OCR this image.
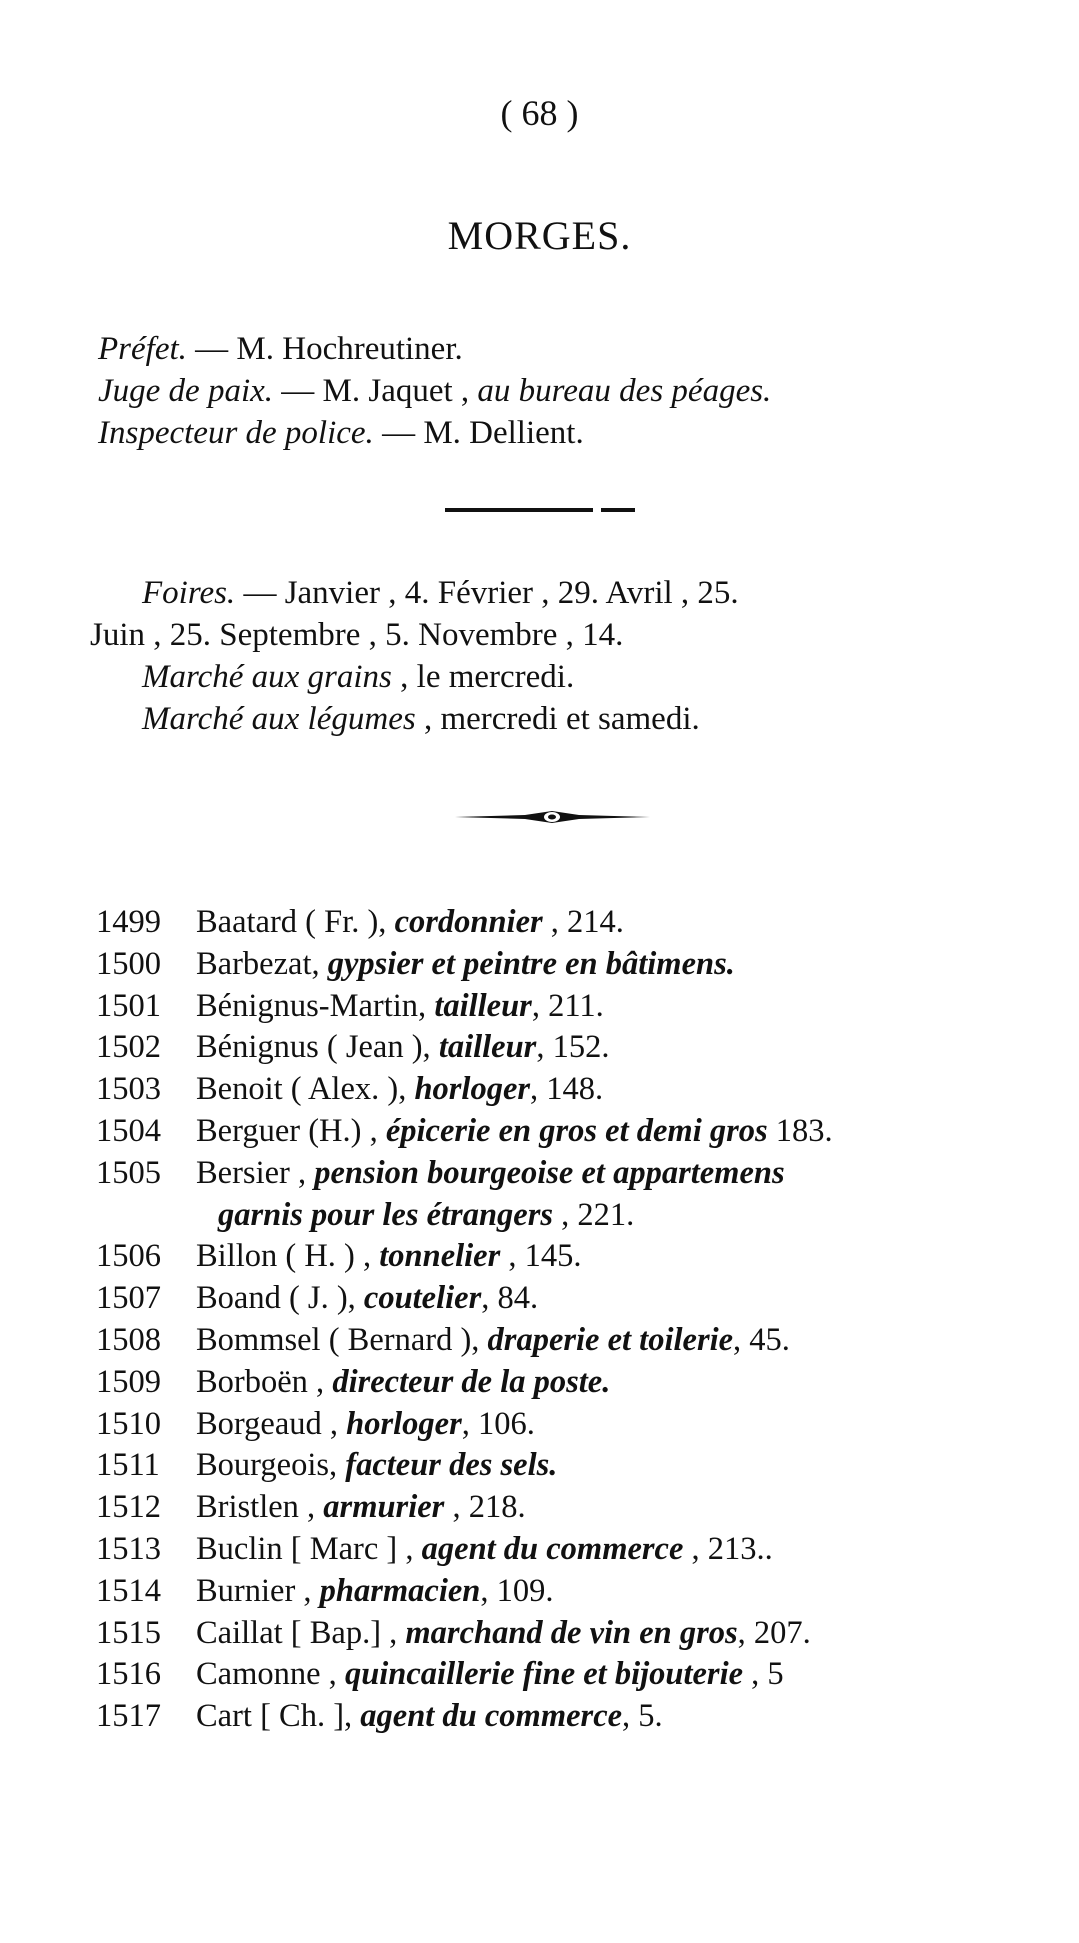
( 68 )
MORGES.
Préfet. — M. Hochreutiner.
Juge de paix. — M. Jaquet , au bureau des péages.
Inspecteur de police. — M. Dellient.
Foires. — Janvier , 4. Février , 29. Avril , 25.
Juin , 25. Septembre , 5. Novembre , 14.
Marché aux grains , le mercredi.
Marché aux légumes , mercredi et samedi.
1499	Baatard ( Fr. ), cordonnier , 214.
1500	Barbezat, gypsier et peintre en bâtimens.
1501	Bénignus-Martin, tailleur, 211.
1502	Bénignus ( Jean ), tailleur, 152.
1503	Benoit ( Alex. ), horloger, 148.
1504	Berguer (H.) , épicerie en gros et demi gros 183.
1505	Bersier , pension bourgeoise et appartemens
garnis pour les étrangers , 221.
1506	Billon ( H. ) , tonnelier , 145.
1507	Boand ( J. ), coutelier, 84.
1508	Bommsel ( Bernard ), draperie et toilerie, 45.
1509	Borboën , directeur de la poste.
1510	Borgeaud , horloger, 106.
1511	Bourgeois, facteur des sels.
1512	Bristlen , armurier , 218.
1513	Buclin [ Marc ] , agent du commerce , 213..
1514	Burnier , pharmacien, 109.
1515	Caillat [ Bap.] , marchand de vin en gros, 207.
1516	Camonne , quincaillerie fine et bijouterie , 5
1517	Cart [ Ch. ], agent du commerce, 5.
